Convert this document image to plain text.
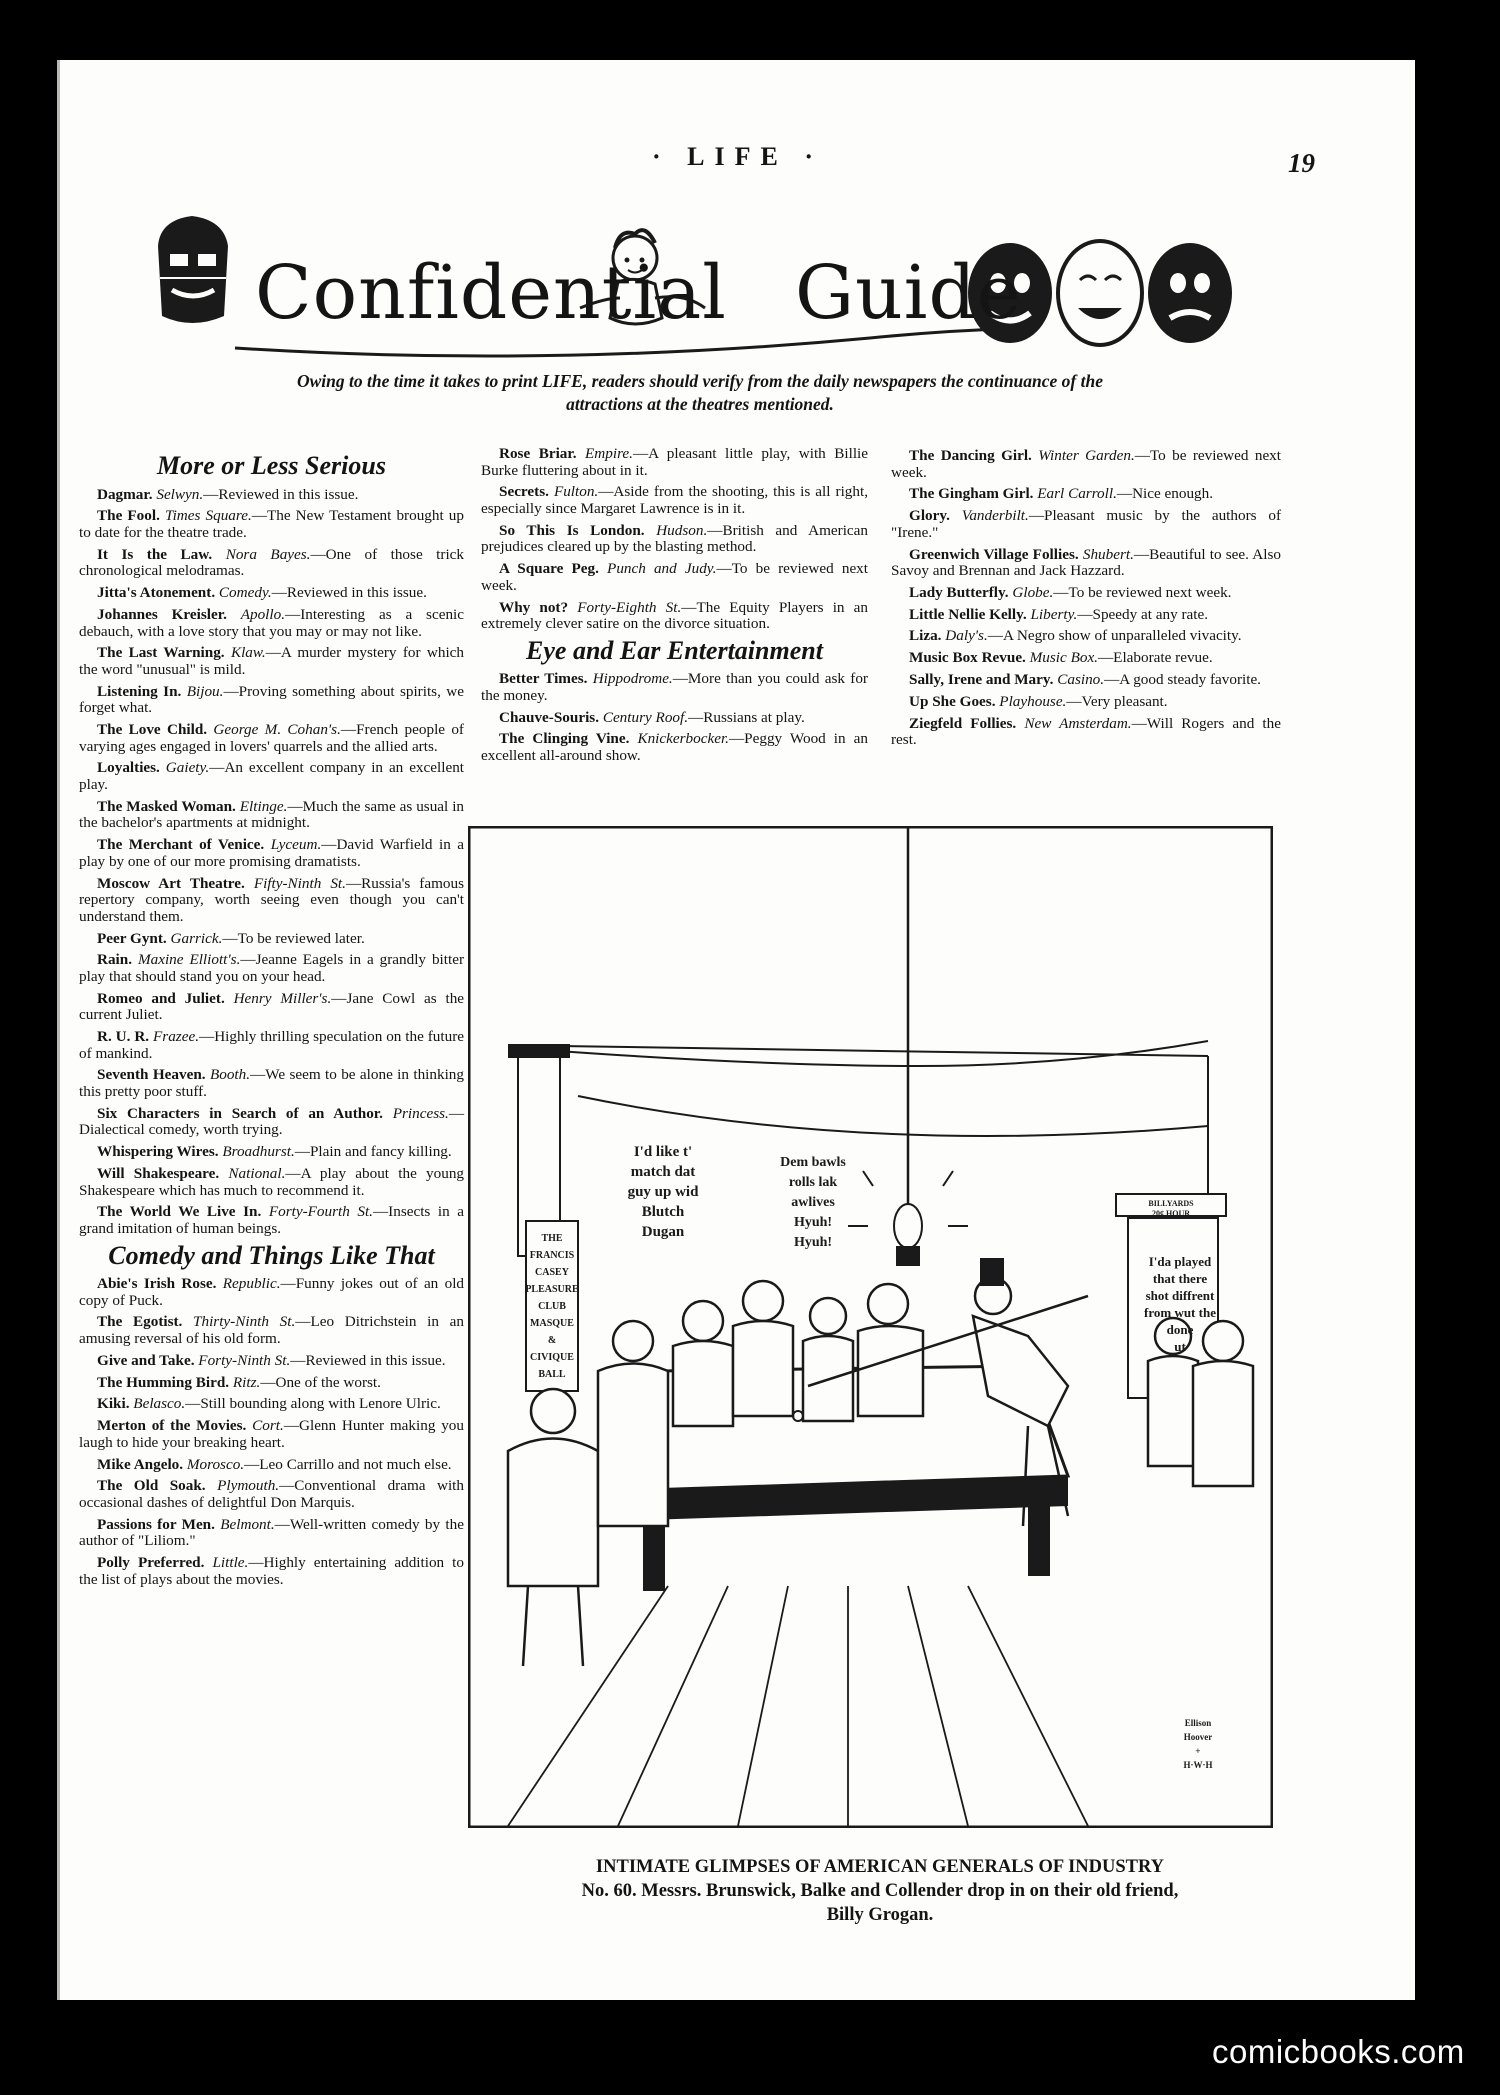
· LIFE ·	19
Confidential Guide
Owing to the time it takes to print LIFE, readers should verify from the daily newspapers the continuance of the attractions at the theatres mentioned.
More or Less Serious

Dagmar. Selwyn.—Reviewed in this issue.

The Fool. Times Square.—The New Testament brought up to date for the theatre trade.

It Is the Law. Nora Bayes.—One of those trick chronological melodramas.

Jitta's Atonement. Comedy.—Reviewed in this issue.

Johannes Kreisler. Apollo.—Interesting as a scenic debauch, with a love story that you may or may not like.

The Last Warning. Klaw.—A murder mystery for which the word "unusual" is mild.

Listening In. Bijou.—Proving something about spirits, we forget what.

The Love Child. George M. Cohan's.—French people of varying ages engaged in lovers' quarrels and the allied arts.

Loyalties. Gaiety.—An excellent company in an excellent play.

The Masked Woman. Eltinge.—Much the same as usual in the bachelor's apartments at midnight.

The Merchant of Venice. Lyceum.—David Warfield in a play by one of our more promising dramatists.

Moscow Art Theatre. Fifty-Ninth St.—Russia's famous repertory company, worth seeing even though you can't understand them.

Peer Gynt. Garrick.—To be reviewed later.

Rain. Maxine Elliott's.—Jeanne Eagels in a grandly bitter play that should stand you on your head.

Romeo and Juliet. Henry Miller's.—Jane Cowl as the current Juliet.

R. U. R. Frazee.—Highly thrilling speculation on the future of mankind.

Seventh Heaven. Booth.—We seem to be alone in thinking this pretty poor stuff.

Six Characters in Search of an Author. Princess.—Dialectical comedy, worth trying.

Whispering Wires. Broadhurst.—Plain and fancy killing.

Will Shakespeare. National.—A play about the young Shakespeare which has much to recommend it.

The World We Live In. Forty-Fourth St.—Insects in a grand imitation of human beings.

Comedy and Things Like That

Abie's Irish Rose. Republic.—Funny jokes out of an old copy of Puck.

The Egotist. Thirty-Ninth St.—Leo Ditrichstein in an amusing reversal of his old form.

Give and Take. Forty-Ninth St.—Reviewed in this issue.

The Humming Bird. Ritz.—One of the worst.

Kiki. Belasco.—Still bounding along with Lenore Ulric.

Merton of the Movies. Cort.—Glenn Hunter making you laugh to hide your breaking heart.

Mike Angelo. Morosco.—Leo Carrillo and not much else.

The Old Soak. Plymouth.—Conventional drama with occasional dashes of delightful Don Marquis.

Passions for Men. Belmont.—Well-written comedy by the author of "Liliom."

Polly Preferred. Little.—Highly entertaining addition to the list of plays about the movies.

Rose Briar. Empire.—A pleasant little play, with Billie Burke fluttering about in it.

Secrets. Fulton.—Aside from the shooting, this is all right, especially since Margaret Lawrence is in it.

So This Is London. Hudson.—British and American prejudices cleared up by the blasting method.

A Square Peg. Punch and Judy.—To be reviewed next week.

Why not? Forty-Eighth St.—The Equity Players in an extremely clever satire on the divorce situation.

Eye and Ear Entertainment

Better Times. Hippodrome.—More than you could ask for the money.

Chauve-Souris. Century Roof.—Russians at play.

The Clinging Vine. Knickerbocker.—Peggy Wood in an excellent all-around show.

The Dancing Girl. Winter Garden.—To be reviewed next week.

The Gingham Girl. Earl Carroll.—Nice enough.

Glory. Vanderbilt.—Pleasant music by the authors of "Irene."

Greenwich Village Follies. Shubert.—Beautiful to see. Also Savoy and Brennan and Jack Hazzard.

Lady Butterfly. Globe.—To be reviewed next week.

Little Nellie Kelly. Liberty.—Speedy at any rate.

Liza. Daly's.—A Negro show of unparalleled vivacity.

Music Box Revue. Music Box.—Elaborate revue.

Sally, Irene and Mary. Casino.—A good steady favorite.

Up She Goes. Playhouse.—Very pleasant.

Ziegfeld Follies. New Amsterdam.—Will Rogers and the rest.

THE
FRANCIS
CASEY
PLEASURE
CLUB
MASQUE
&
CIVIQUE
BALL
BILLYARDS
20¢ HOUR
I'd like t'
match dat
guy up wid
Blutch
Dugan
Dem bawls
rolls lak
awlives
Hyuh!
Hyuh!
I'da played
that there
shot diffrent
from wut the
done
ut
Ellison
Hoover
+
H·W·H
INTIMATE GLIMPSES OF AMERICAN GENERALS OF INDUSTRY
No. 60. Messrs. Brunswick, Balke and Collender drop in on their old friend,
Billy Grogan.
comicbooks.com
